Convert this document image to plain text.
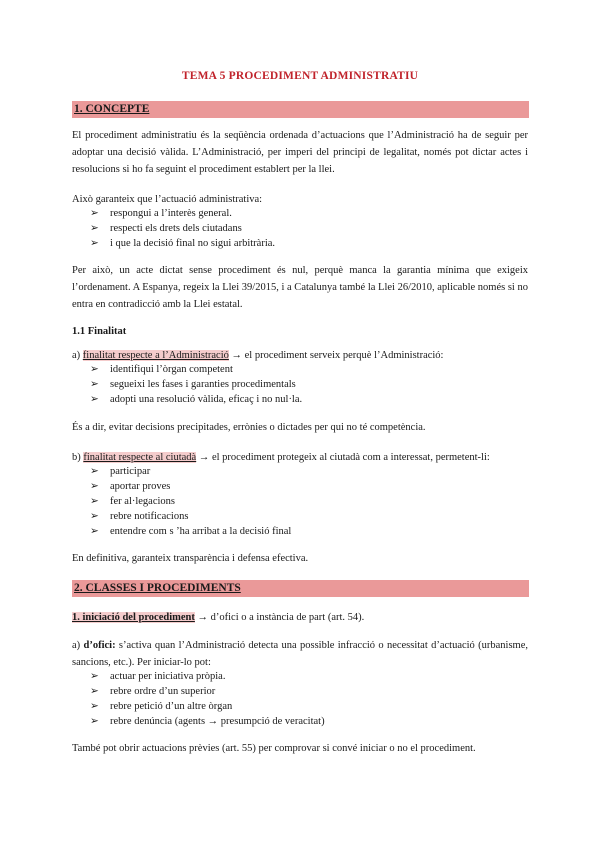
TEMA 5 PROCEDIMENT ADMINISTRATIU
1. CONCEPTE
El procediment administratiu és la seqüència ordenada d’actuacions que l’Administració ha de seguir per adoptar una decisió vàlida. L’Administració, per imperi del principi de legalitat, només pot dictar actes i resolucions si ho fa seguint el procediment establert per la llei.
Això garanteix que l’actuació administrativa:
➢ respongui a l’interès general.
➢ respecti els drets dels ciutadans
➢ i que la decisió final no sigui arbitrària.
Per això, un acte dictat sense procediment és nul, perquè manca la garantia mínima que exigeix l’ordenament. A Espanya, regeix la Llei 39/2015, i a Catalunya també la Llei 26/2010, aplicable només si no entra en contradicció amb la Llei estatal.
1.1 Finalitat
a) finalitat respecte a l’Administració → el procediment serveix perquè l’Administració:
➢ identifiqui l’òrgan competent
➢ segueixi les fases i garanties procedimentals
➢ adopti una resolució vàlida, eficaç i no nul·la.
És a dir, evitar decisions precipitades, errònies o dictades per qui no té competència.
b) finalitat respecte al ciutadà → el procediment protegeix al ciutadà com a interessat, permetent-li:
➢ participar
➢ aportar proves
➢ fer al·legacions
➢ rebre notificacions
➢ entendre com s ’ha arribat a la decisió final
En definitiva, garanteix transparència i defensa efectiva.
2. CLASSES I PROCEDIMENTS
1. iniciació del procediment → d’ofici o a instància de part (art. 54).
a) d’ofici: s’activa quan l’Administració detecta una possible infracció o necessitat d’actuació (urbanisme, sancions, etc.). Per iniciar-lo pot:
➢ actuar per iniciativa pròpia.
➢ rebre ordre d’un superior
➢ rebre petició d’un altre òrgan
➢ rebre denúncia (agents → presumpció de veracitat)
També pot obrir actuacions prèvies (art. 55) per comprovar si convé iniciar o no el procediment.
